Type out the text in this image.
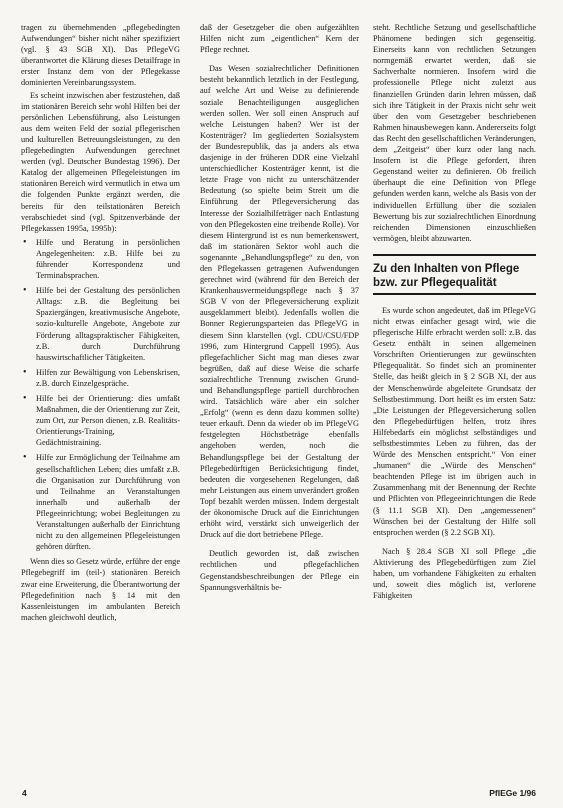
tragen zu übernehmenden „pflegebedingten Aufwendungen“ bisher nicht näher spezifiziert (vgl. § 43 SGB XI). Das PflegeVG überantwortet die Klärung dieses Detailfrage in erster Instanz dem von der Pflegekasse dominierten Vereinbarungssystem.

Es scheint inzwischen aber festzustehen, daß im stationären Bereich sehr wohl Hilfen bei der persönlichen Lebensführung, also Leistungen aus dem weiten Feld der sozial pflegerischen und kulturellen Betreuungsleistungen, zu den pflegebedingten Aufwendungen gerechnet werden (vgl. Deutscher Bundestag 1996). Der Katalog der allgemeinen Pflegeleistungen im stationären Bereich wird vermutlich in etwa um die folgenden Punkte ergänzt werden, die bereits für den teilstationären Bereich verabschiedet sind (vgl. Spitzenverbände der Pflegekassen 1995a, 1995b):

• Hilfe und Beratung in persönlichen Angelegenheiten: z.B. Hilfe bei zu führender Korrespondenz und Terminabsprachen.
• Hilfe bei der Gestaltung des persönlichen Alltags: z.B. die Begleitung bei Spaziergängen, kreativmusische Angebote, sozio-kulturelle Angebote, Angebote zur Förderung alltagspraktischer Fähigkeiten, z.B. durch Durchführung hauswirtschaftlicher Tätigkeiten.
• Hilfen zur Bewältigung von Lebenskrisen, z.B. durch Einzelgespräche.
• Hilfe bei der Orientierung: dies umfaßt Maßnahmen, die der Orientierung zur Zeit, zum Ort, zur Person dienen, z.B. Realitäts-Orientierungs-Training, Gedächtnistraining.
• Hilfe zur Ermöglichung der Teilnahme am gesellschaftlichen Leben; dies umfaßt z.B. die Organisation zur Durchführung von und Teilnahme an Veranstaltungen innerhalb und außerhalb der Pflegeeinrichtung; wobei Begleitungen zu Veranstaltungen außerhalb der Einrichtung nicht zu den allgemeinen Pflegeleistungen gehören dürften.

Wenn dies so Gesetz würde, erführe der enge Pflegebegriff im (teil-) stationären Bereich zwar eine Erweiterung, die Überantwortung der Pflegedefinition nach § 14 mit den Kassenleistungen im ambulanten Bereich machen gleichwohl deutlich,

daß der Gesetzgeber die oben aufgezählten Hilfen nicht zum „eigentlichen“ Kern der Pflege rechnet.

Das Wesen sozialrechtlicher Definitionen besteht bekanntlich letztlich in der Festlegung, auf welche Art und Weise zu definierende soziale Benachteiligungen ausgeglichen werden sollen. Wer soll einen Anspruch auf welche Leistungen haben? Wer ist der Kostenträger? Im gegliederten Sozialsystem der Bundesrepublik, das ja anders als etwa dasjenige in der früheren DDR eine Vielzahl unterschiedlicher Kostenträger kennt, ist die letzte Frage von nicht zu unterschätzender Bedeutung (so spielte beim Streit um die Einführung der Pflegeversicherung das Interesse der Sozialhilfeträger nach Entlastung von den Pflegekosten eine treibende Rolle). Vor diesem Hintergrund ist es nun bemerkenswert, daß im stationären Sektor wohl auch die sogenannte „Behandlungspflege“ zu den, von den Pflegekassen getragenen Aufwendungen gerechnet wird (während für den Bereich der Krankenhausvermeidungspflege nach § 37 SGB V von der Pflegeversicherung explizit ausgeklammert bleibt). Jedenfalls wollen die Bonner Regierungsparteien das PflegeVG in diesem Sinn klarstellen (vgl. CDU/CSU/FDP 1996, zum Hintergrund Cappell 1995). Aus pflegefachlicher Sicht mag man dieses zwar begrüßen, daß auf diese Weise die scharfe sozialrechtliche Trennung zwischen Grund- und Behandlungspflege partiell durchbrochen wird. Tatsächlich wäre aber ein solcher „Erfolg“ (wenn es denn dazu kommen sollte) teuer erkauft. Denn da wieder ob im PflegeVG festgelegten Höchstbeträge ebenfalls angehoben werden, noch die Behandlungspflege bei der Gestaltung der Pflegebedürftigen Berücksichtigung findet, bedeuten die vorgesehenen Regelungen, daß mehr Leistungen aus einem unverändert großen Topf bezahlt werden müssen. Indem dergestalt der ökonomische Druck auf die Einrichtungen erhöht wird, verstärkt sich unweigerlich der Druck auf die dort betriebene Pflege.

Deutlich geworden ist, daß zwischen rechtlichen und pflegefachlichen Gegenstandsbeschreibungen der Pflege ein Spannungsverhältnis be-

steht. Rechtliche Setzung und gesellschaftliche Phänomene bedingen sich gegenseitig. Einerseits kann von rechtlichen Setzungen normgemäß erwartet werden, daß sie Sachverhalte normieren. Insofern wird die professionelle Pflege nicht zuletzt aus finanziellen Gründen darin lehren müssen, daß sich ihre Tätigkeit in der Praxis nicht sehr weit über den vom Gesetzgeber beschriebenen Rahmen hinausbewegen kann. Andererseits folgt das Recht den gesellschaftlichen Veränderungen, dem „Zeitgeist“ über kurz oder lang nach. Insofern ist die Pflege gefordert, ihren Gegenstand weiter zu definieren. Ob freilich überhaupt die eine Definition von Pflege gefunden werden kann, welche als Basis von der individuellen Erfüllung über die sozialen Bewertung bis zur sozialrechtlichen Einordnung reichenden Dimensionen einzuschließen vermögen, bleibt abzuwarten.

Zu den Inhalten von Pflege bzw. zur Pflegequalität

Es wurde schon angedeutet, daß im PflegeVG nicht etwas einfacher gesagt wird, wie die pflegerische Hilfe erbracht werden soll: z.B. das Gesetz enthält in seinen allgemeinen Vorschriften Orientierungen zur gewünschten Pflegequalität. So findet sich an prominenter Stelle, das heißt gleich in § 2 SGB XI, der aus der Menschenwürde abgeleitete Grundsatz der Selbstbestimmung. Dort heißt es im ersten Satz: „Die Leistungen der Pflegeversicherung sollen den Pflegebedürftigen helfen, trotz ihres Hilfebedarfs ein möglichst selbständiges und selbstbestimmtes Leben zu führen, das der Würde des Menschen entspricht.“ Von einer „humanen“ die „Würde des Menschen“ beachtenden Pflege ist im übrigen auch in Zusammenhang mit der Benennung der Rechte und Pflichten von Pflegeeinrichtungen die Rede (§ 11.1 SGB XI). Den „angemessenen“ Wünschen bei der Gestaltung der Hilfe soll entsprochen werden (§ 2.2 SGB XI).

Nach § 28.4 SGB XI soll Pflege „die Aktivierung des Pflegebedürftigen zum Ziel haben, um vorhandene Fähigkeiten zu erhalten und, soweit dies möglich ist, verlorene Fähigkeiten

4	PflEGe 1/96
